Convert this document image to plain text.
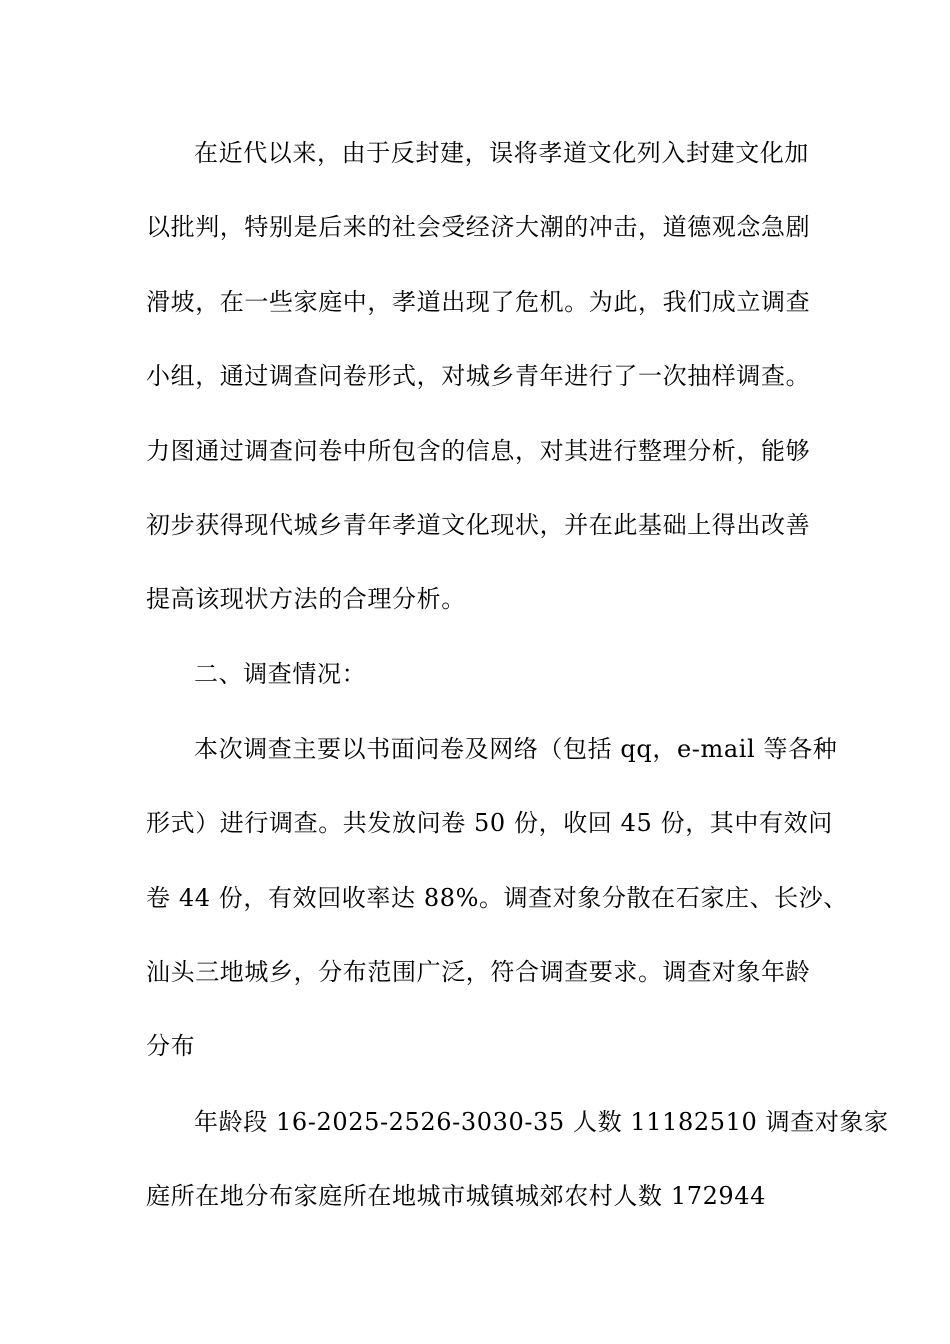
在近代以来，由于反封建，误将孝道文化列入封建文化加
以批判，特别是后来的社会受经济大潮的冲击，道德观念急剧
滑坡，在一些家庭中，孝道出现了危机。为此，我们成立调查
小组，通过调查问卷形式，对城乡青年进行了一次抽样调查。
力图通过调查问卷中所包含的信息，对其进行整理分析，能够
初步获得现代城乡青年孝道文化现状，并在此基础上得出改善
提高该现状方法的合理分析。
二、调查情况：
本次调查主要以书面问卷及网络（包括 qq，e-mail 等各种
形式）进行调查。共发放问卷 50 份，收回 45 份，其中有效问
卷 44 份，有效回收率达 88%。调查对象分散在石家庄、长沙、
汕头三地城乡，分布范围广泛，符合调查要求。调查对象年龄
分布
年龄段 16-2025-2526-3030-35 人数 11182510 调查对象家
庭所在地分布家庭所在地城市城镇城郊农村人数 172944
